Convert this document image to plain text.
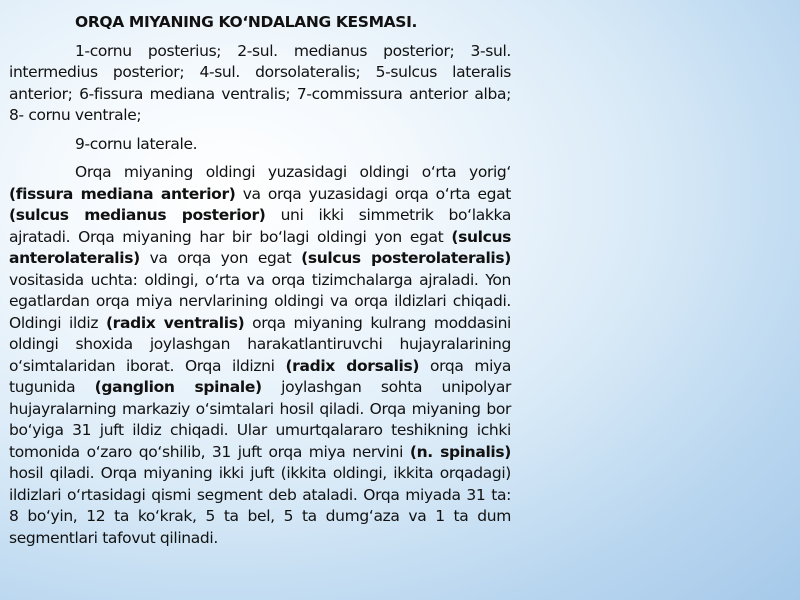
ORQA MIYANING KO‘NDALANG KESMASI.

1-cornu posterius; 2-sul. medianus posterior; 3-sul. intermedius posterior; 4-sul. dorsolateralis; 5-sulcus lateralis anterior; 6-fissura mediana ventralis; 7-commissura anterior alba; 8- cornu ventrale;

9-cornu laterale.

Orqa miyaning oldingi yuzasidagi oldingi o‘rta yorig‘ (fissura mediana anterior) va orqa yuzasidagi orqa o‘rta egat (sulcus medianus posterior) uni ikki simmetrik bo‘lakka ajratadi. Orqa miyaning har bir bo‘lagi oldingi yon egat (sulcus anterolateralis) va orqa yon egat (sulcus posterolateralis) vositasida uchta: oldingi, o‘rta va orqa tizimchalarga ajraladi. Yon egatlardan orqa miya nervlarining oldingi va orqa ildizlari chiqadi. Oldingi ildiz (radix ventralis) orqa miyaning kulrang moddasini oldingi shoxida joylashgan harakatlantiruvchi hujayralarining o‘simtalaridan iborat. Orqa ildizni (radix dorsalis) orqa miya tugunida (ganglion spinale) joylashgan sohta unipolyar hujayralarning markaziy o‘simtalari hosil qiladi. Orqa miyaning bor bo‘yiga 31 juft ildiz chiqadi. Ular umurtqalararo teshikning ichki tomonida o‘zaro qo‘shilib, 31 juft orqa miya nervini (n. spinalis) hosil qiladi. Orqa miyaning ikki juft (ikkita oldingi, ikkita orqadagi) ildizlari o‘rtasidagi qismi segment deb ataladi. Orqa miyada 31 ta: 8 bo‘yin, 12 ta ko‘krak, 5 ta bel, 5 ta dumg‘aza va 1 ta dum segmentlari tafovut qilinadi.
